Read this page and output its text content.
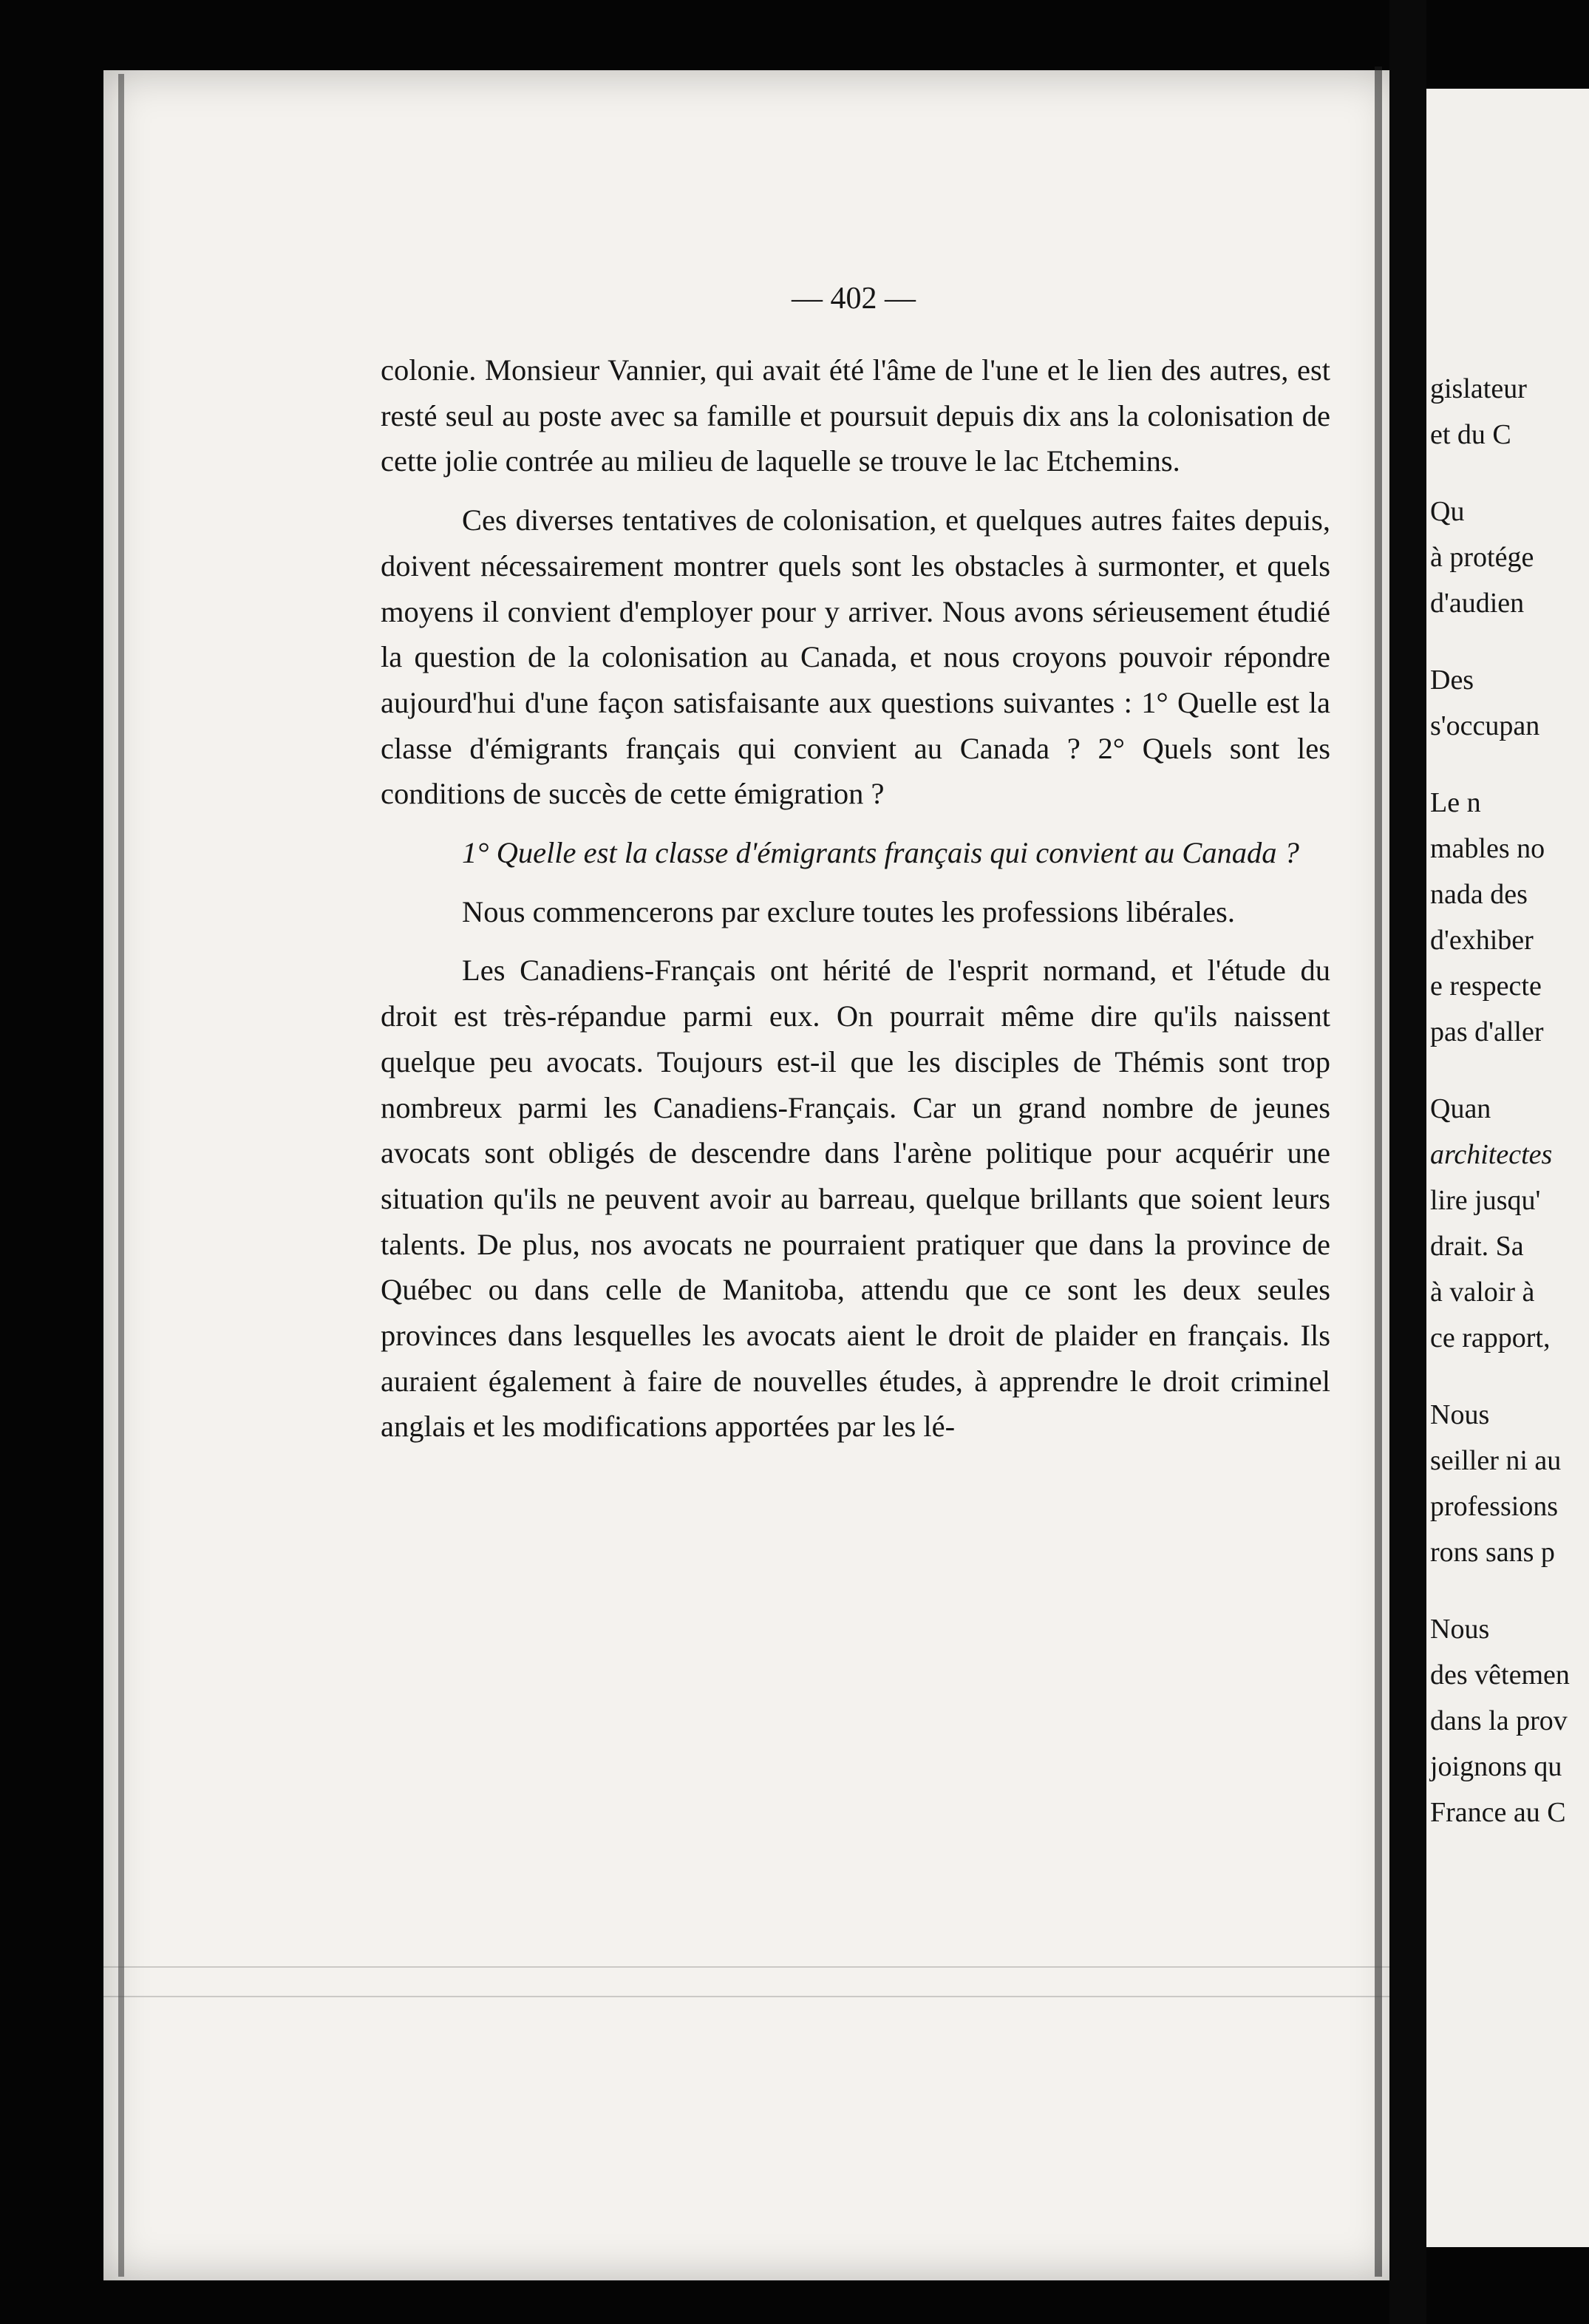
— 402 —

colonie. Monsieur Vannier, qui avait été l'âme de l'une et le lien des autres, est resté seul au poste avec sa famille et poursuit depuis dix ans la colonisation de cette jolie contrée au milieu de laquelle se trouve le lac Etchemins.

Ces diverses tentatives de colonisation, et quelques autres faites depuis, doivent nécessairement montrer quels sont les obstacles à surmonter, et quels moyens il convient d'employer pour y arriver. Nous avons sérieusement étudié la question de la colonisation au Canada, et nous croyons pouvoir répondre aujourd'hui d'une façon satisfaisante aux questions suivantes : 1° Quelle est la classe d'émigrants français qui convient au Canada ? 2° Quels sont les conditions de succès de cette émigration ?

1° Quelle est la classe d'émigrants français qui convient au Canada ?

Nous commencerons par exclure toutes les professions libérales.

Les Canadiens-Français ont hérité de l'esprit normand, et l'étude du droit est très-répandue parmi eux. On pourrait même dire qu'ils naissent quelque peu avocats. Toujours est-il que les disciples de Thémis sont trop nombreux parmi les Canadiens-Français. Car un grand nombre de jeunes avocats sont obligés de descendre dans l'arène politique pour acquérir une situation qu'ils ne peuvent avoir au barreau, quelque brillants que soient leurs talents. De plus, nos avocats ne pourraient pratiquer que dans la province de Québec ou dans celle de Manitoba, attendu que ce sont les deux seules provinces dans lesquelles les avocats aient le droit de plaider en français. Ils auraient également à faire de nouvelles études, à apprendre le droit criminel anglais et les modifications apportées par les lé-

gislateur
et du C
Qu
à protége
d'audien
Des
s'occupan
Le n
mables no
nada des
d'exhiber
e respecte
pas d'aller
Quan
architectes
lire jusqu'
drait. Sa
à valoir à
ce rapport,
Nous
seiller ni au
professions
rons sans p
Nous
des vêtemen
dans la prov
joignons qu
France au C
